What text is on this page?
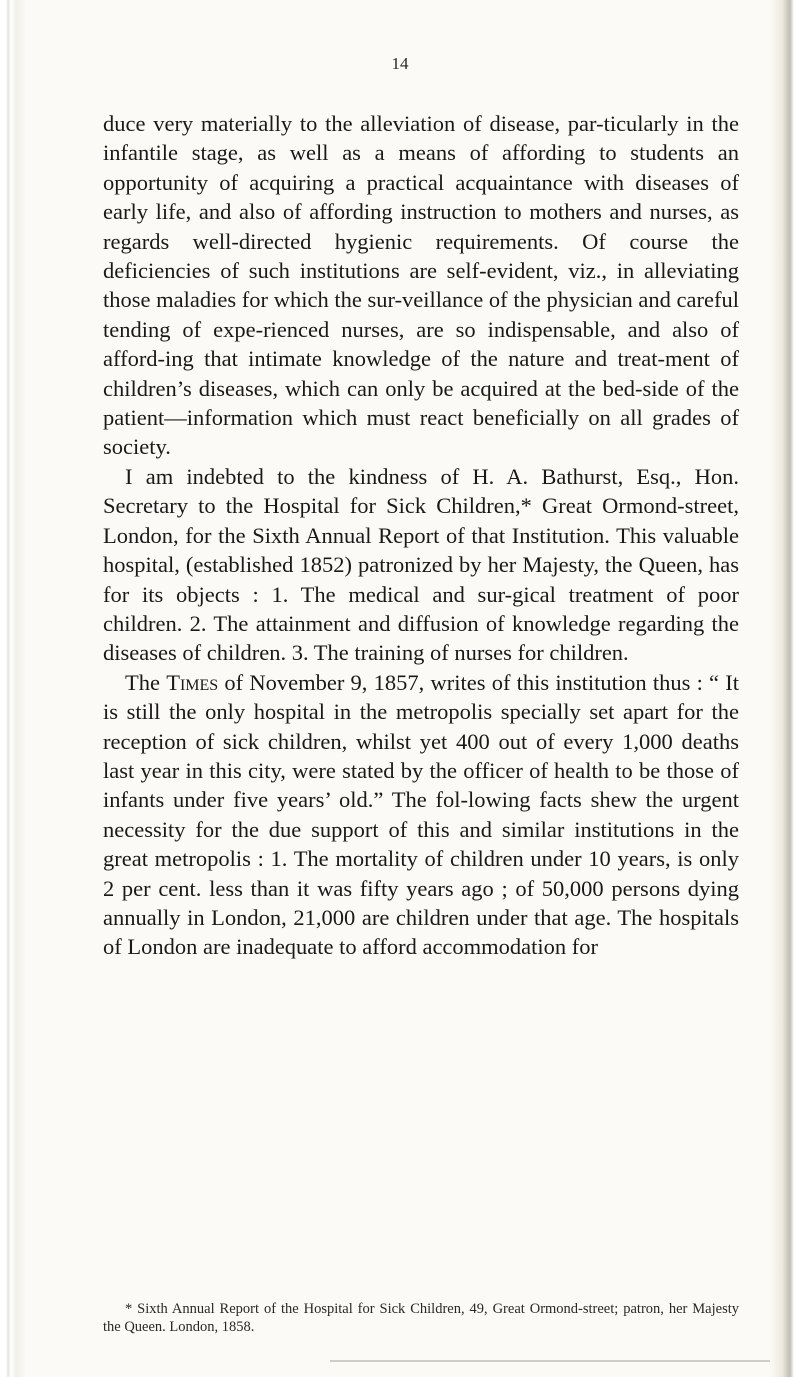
14

duce very materially to the alleviation of disease, par-ticularly in the infantile stage, as well as a means of affording to students an opportunity of acquiring a practical acquaintance with diseases of early life, and also of affording instruction to mothers and nurses, as regards well-directed hygienic requirements. Of course the deficiencies of such institutions are self-evident, viz., in alleviating those maladies for which the sur-veillance of the physician and careful tending of expe-rienced nurses, are so indispensable, and also of afford-ing that intimate knowledge of the nature and treat-ment of children’s diseases, which can only be acquired at the bed-side of the patient—information which must react beneficially on all grades of society.

I am indebted to the kindness of H. A. Bathurst, Esq., Hon. Secretary to the Hospital for Sick Children,* Great Ormond-street, London, for the Sixth Annual Report of that Institution. This valuable hospital, (established 1852) patronized by her Majesty, the Queen, has for its objects : 1. The medical and sur-gical treatment of poor children. 2. The attainment and diffusion of knowledge regarding the diseases of children. 3. The training of nurses for children.

The Times of November 9, 1857, writes of this institution thus : “ It is still the only hospital in the metropolis specially set apart for the reception of sick children, whilst yet 400 out of every 1,000 deaths last year in this city, were stated by the officer of health to be those of infants under five years’ old.” The fol-lowing facts shew the urgent necessity for the due support of this and similar institutions in the great metropolis : 1. The mortality of children under 10 years, is only 2 per cent. less than it was fifty years ago ; of 50,000 persons dying annually in London, 21,000 are children under that age. The hospitals of London are inadequate to afford accommodation for

* Sixth Annual Report of the Hospital for Sick Children, 49, Great Ormond-street; patron, her Majesty the Queen. London, 1858.
